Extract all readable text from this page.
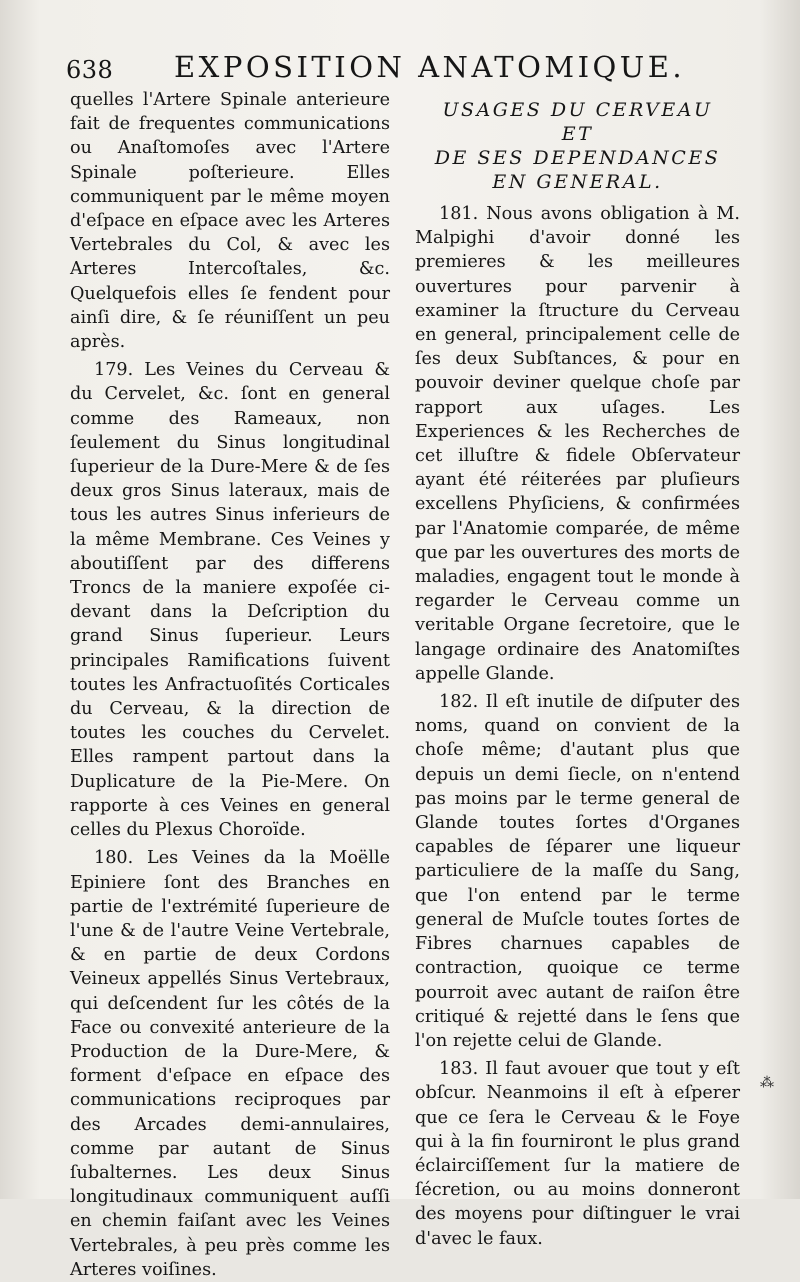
638 EXPOSITION ANATOMIQUE.

quelles l'Artere Spinale anterieure fait de frequentes communications ou Anaſtomoſes avec l'Artere Spinale poſterieure. Elles communiquent par le même moyen d'eſpace en eſpace avec les Arteres Vertebrales du Col, & avec les Arteres Intercoſtales, &c. Quelquefois elles ſe fendent pour ainſi dire, & ſe réuniſſent un peu après.

179. Les Veines du Cerveau & du Cervelet, &c. ſont en general comme des Rameaux, non ſeulement du Sinus longitudinal ſuperieur de la Dure-Mere & de ſes deux gros Sinus lateraux, mais de tous les autres Sinus inferieurs de la même Membrane. Ces Veines y aboutiſſent par des differens Troncs de la maniere expoſée ci-devant dans la Deſcription du grand Sinus ſuperieur. Leurs principales Ramifications ſuivent toutes les Anfractuoſités Corticales du Cerveau, & la direction de toutes les couches du Cervelet. Elles rampent partout dans la Duplicature de la Pie-Mere. On rapporte à ces Veines en general celles du Plexus Choroïde.

180. Les Veines da la Moëlle Epiniere ſont des Branches en partie de l'extrémité ſuperieure de l'une & de l'autre Veine Vertebrale, & en partie de deux Cordons Veineux appellés Sinus Vertebraux, qui deſcendent ſur les côtés de la Face ou convexité anterieure de la Production de la Dure-Mere, & forment d'eſpace en eſpace des communications reciproques par des Arcades demi-annulaires, comme par autant de Sinus ſubalternes. Les deux Sinus longitudinaux communiquent auſſi en chemin faiſant avec les Veines Vertebrales, à peu près comme les Arteres voiſines.

USAGES DU CERVEAU
ET
DE SES DEPENDANCES
EN GENERAL.

181. Nous avons obligation à M. Malpighi d'avoir donné les premieres & les meilleures ouvertures pour parvenir à examiner la ſtructure du Cerveau en general, principalement celle de ſes deux Subſtances, & pour en pouvoir deviner quelque choſe par rapport aux uſages. Les Experiences & les Recherches de cet illuſtre & fidele Obſervateur ayant été réiterées par pluſieurs excellens Phyſiciens, & confirmées par l'Anatomie comparée, de même que par les ouvertures des morts de maladies, engagent tout le monde à regarder le Cerveau comme un veritable Organe ſecretoire, que le langage ordinaire des Anatomiſtes appelle Glande.

182. Il eſt inutile de diſputer des noms, quand on convient de la choſe même; d'autant plus que depuis un demi ſiecle, on n'entend pas moins par le terme general de Glande toutes ſortes d'Organes capables de ſéparer une liqueur particuliere de la maſſe du Sang, que l'on entend par le terme general de Muſcle toutes ſortes de Fibres charnues capables de contraction, quoique ce terme pourroit avec autant de raiſon être critiqué & rejetté dans le ſens que l'on rejette celui de Glande.

183. Il faut avouer que tout y eſt obſcur. Neanmoins il eſt à eſperer que ce ſera le Cerveau & le Foye qui à la fin fourniront le plus grand éclairciſſement ſur la matiere de ſécretion, ou au moins donneront des moyens pour diſtinguer le vrai d'avec le faux.

⁂
